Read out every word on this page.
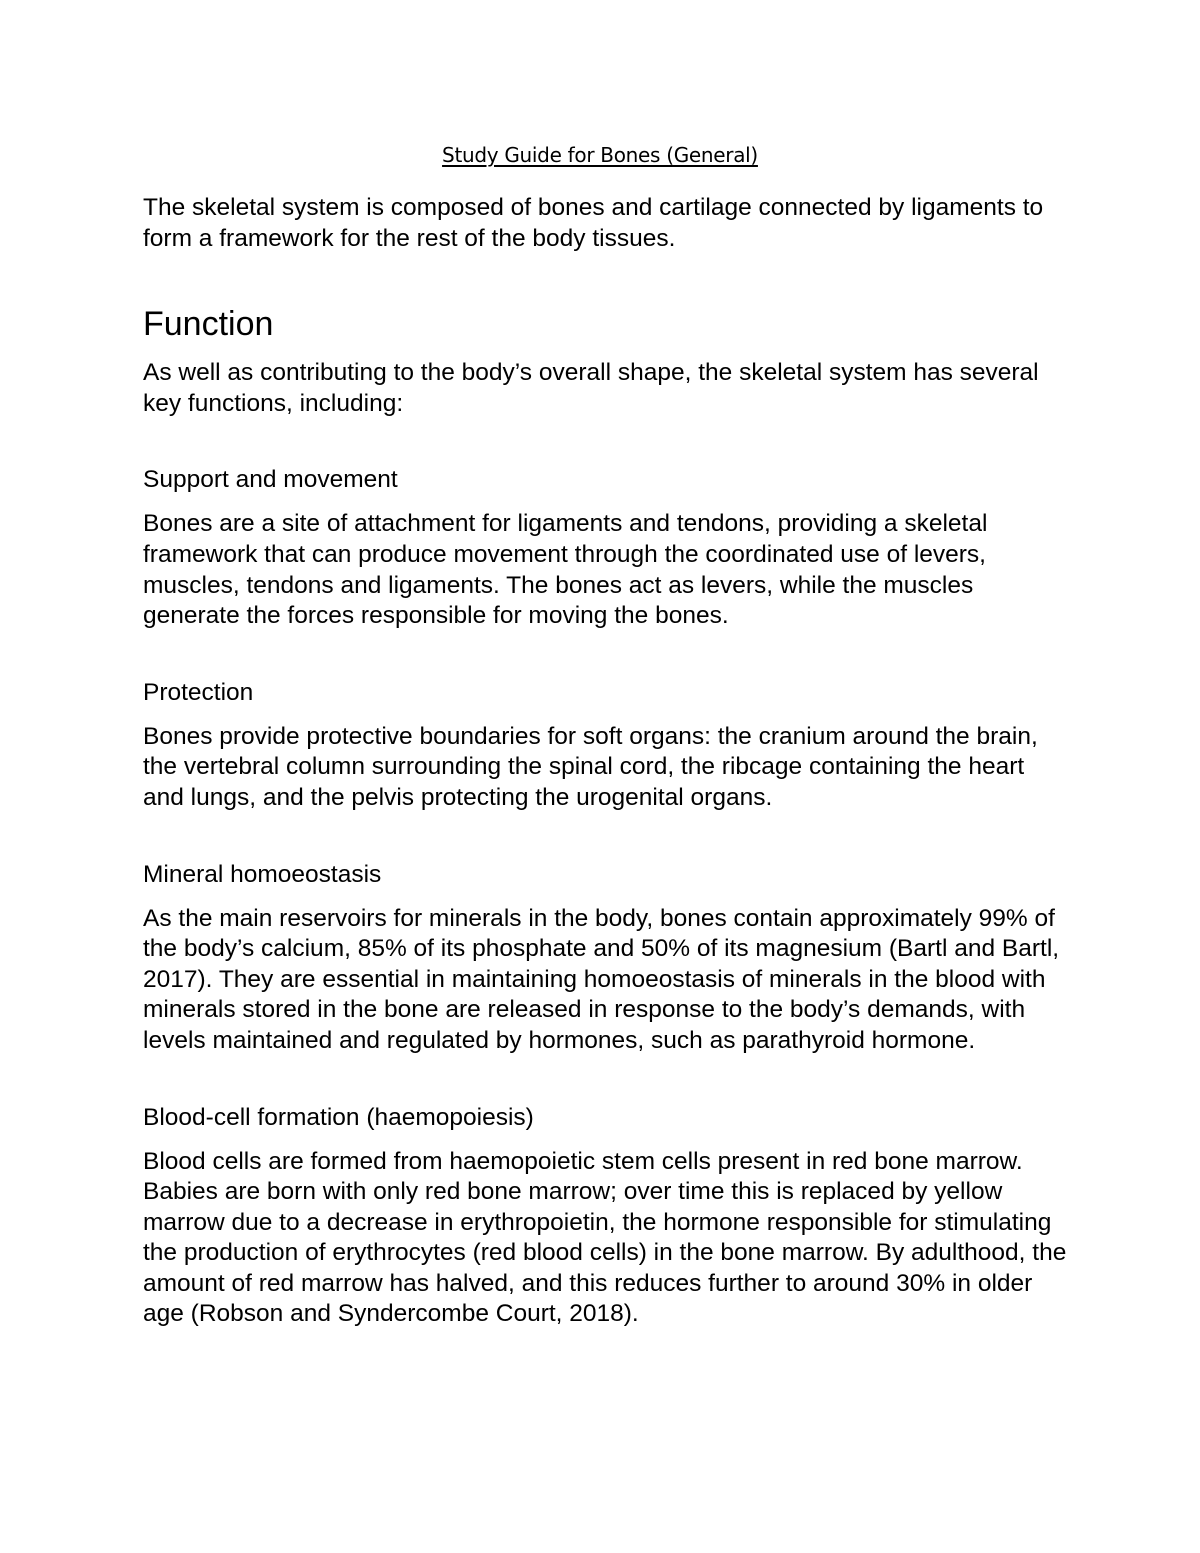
Study Guide for Bones (General)

The skeletal system is composed of bones and cartilage connected by ligaments to form a framework for the rest of the body tissues.

Function

As well as contributing to the body’s overall shape, the skeletal system has several key functions, including:

Support and movement

Bones are a site of attachment for ligaments and tendons, providing a skeletal framework that can produce movement through the coordinated use of levers, muscles, tendons and ligaments. The bones act as levers, while the muscles generate the forces responsible for moving the bones.

Protection

Bones provide protective boundaries for soft organs: the cranium around the brain, the vertebral column surrounding the spinal cord, the ribcage containing the heart and lungs, and the pelvis protecting the urogenital organs.

Mineral homoeostasis

As the main reservoirs for minerals in the body, bones contain approximately 99% of the body’s calcium, 85% of its phosphate and 50% of its magnesium (Bartl and Bartl, 2017). They are essential in maintaining homoeostasis of minerals in the blood with minerals stored in the bone are released in response to the body’s demands, with levels maintained and regulated by hormones, such as parathyroid hormone.

Blood-cell formation (haemopoiesis)

Blood cells are formed from haemopoietic stem cells present in red bone marrow. Babies are born with only red bone marrow; over time this is replaced by yellow marrow due to a decrease in erythropoietin, the hormone responsible for stimulating the production of erythrocytes (red blood cells) in the bone marrow. By adulthood, the amount of red marrow has halved, and this reduces further to around 30% in older age (Robson and Syndercombe Court, 2018).
